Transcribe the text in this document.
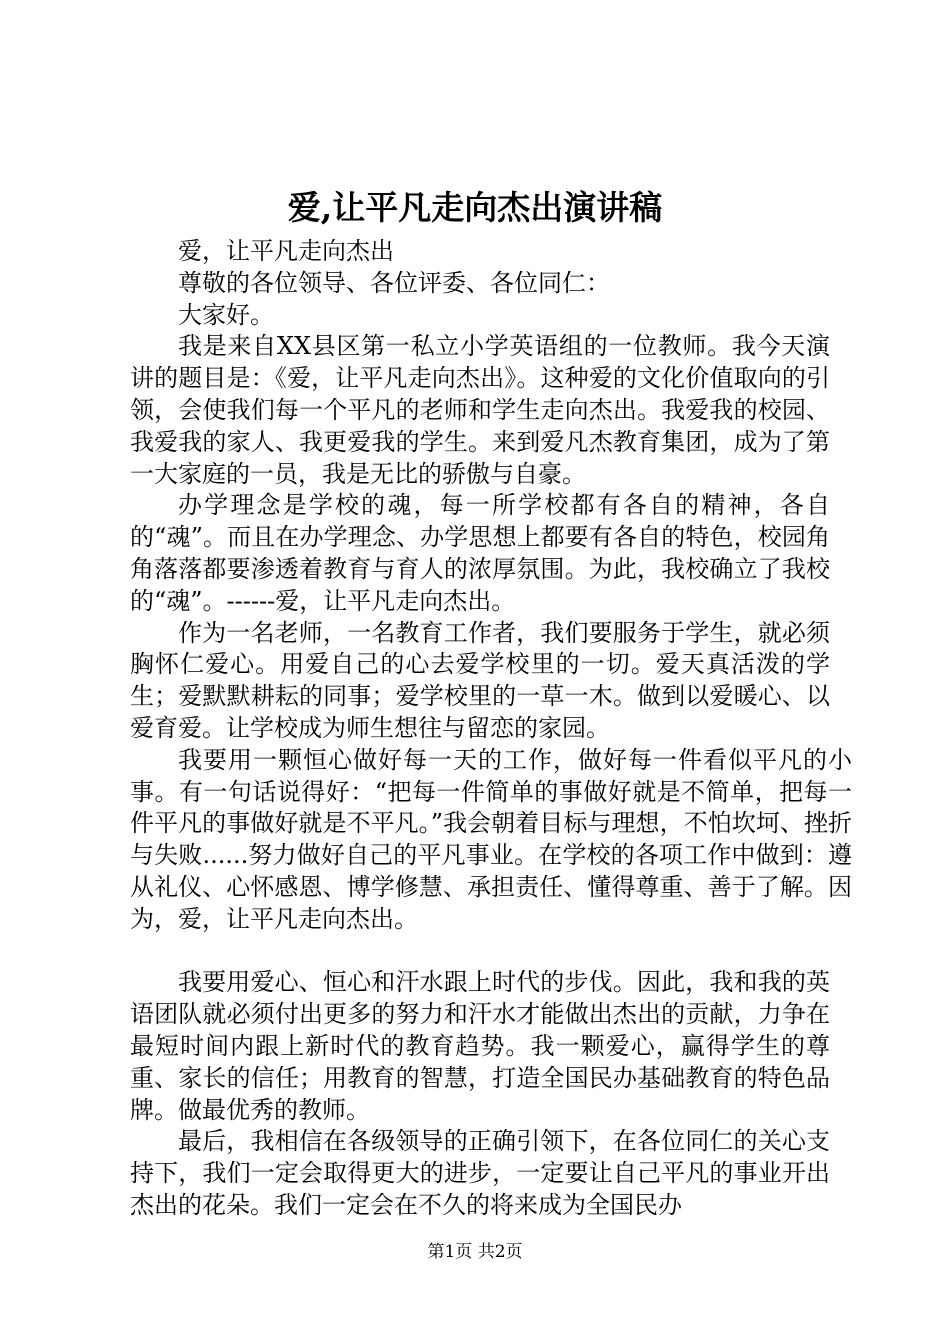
爱,让平凡走向杰出演讲稿

爱，让平凡走向杰出

尊敬的各位领导、各位评委、各位同仁：

大家好。

我是来自XX县区第一私立小学英语组的一位教师。我今天演讲的题目是：《爱，让平凡走向杰出》。这种爱的文化价值取向的引领，会使我们每一个平凡的老师和学生走向杰出。我爱我的校园、我爱我的家人、我更爱我的学生。来到爱凡杰教育集团，成为了第一大家庭的一员，我是无比的骄傲与自豪。

办学理念是学校的魂，每一所学校都有各自的精神，各自的“魂”。而且在办学理念、办学思想上都要有各自的特色，校园角角落落都要渗透着教育与育人的浓厚氛围。为此，我校确立了我校的“魂”。------爱，让平凡走向杰出。

作为一名老师，一名教育工作者，我们要服务于学生，就必须胸怀仁爱心。用爱自己的心去爱学校里的一切。爱天真活泼的学生；爱默默耕耘的同事；爱学校里的一草一木。做到以爱暖心、以爱育爱。让学校成为师生想往与留恋的家园。

我要用一颗恒心做好每一天的工作，做好每一件看似平凡的小事。有一句话说得好：“把每一件简单的事做好就是不简单，把每一件平凡的事做好就是不平凡。”我会朝着目标与理想，不怕坎坷、挫折与失败......努力做好自己的平凡事业。在学校的各项工作中做到：遵从礼仪、心怀感恩、博学修慧、承担责任、懂得尊重、善于了解。因为，爱，让平凡走向杰出。

我要用爱心、恒心和汗水跟上时代的步伐。因此，我和我的英语团队就必须付出更多的努力和汗水才能做出杰出的贡献，力争在最短时间内跟上新时代的教育趋势。我一颗爱心，赢得学生的尊重、家长的信任；用教育的智慧，打造全国民办基础教育的特色品牌。做最优秀的教师。

最后，我相信在各级领导的正确引领下，在各位同仁的关心支持下，我们一定会取得更大的进步，一定要让自己平凡的事业开出杰出的花朵。我们一定会在不久的将来成为全国民办

第1页 共2页
